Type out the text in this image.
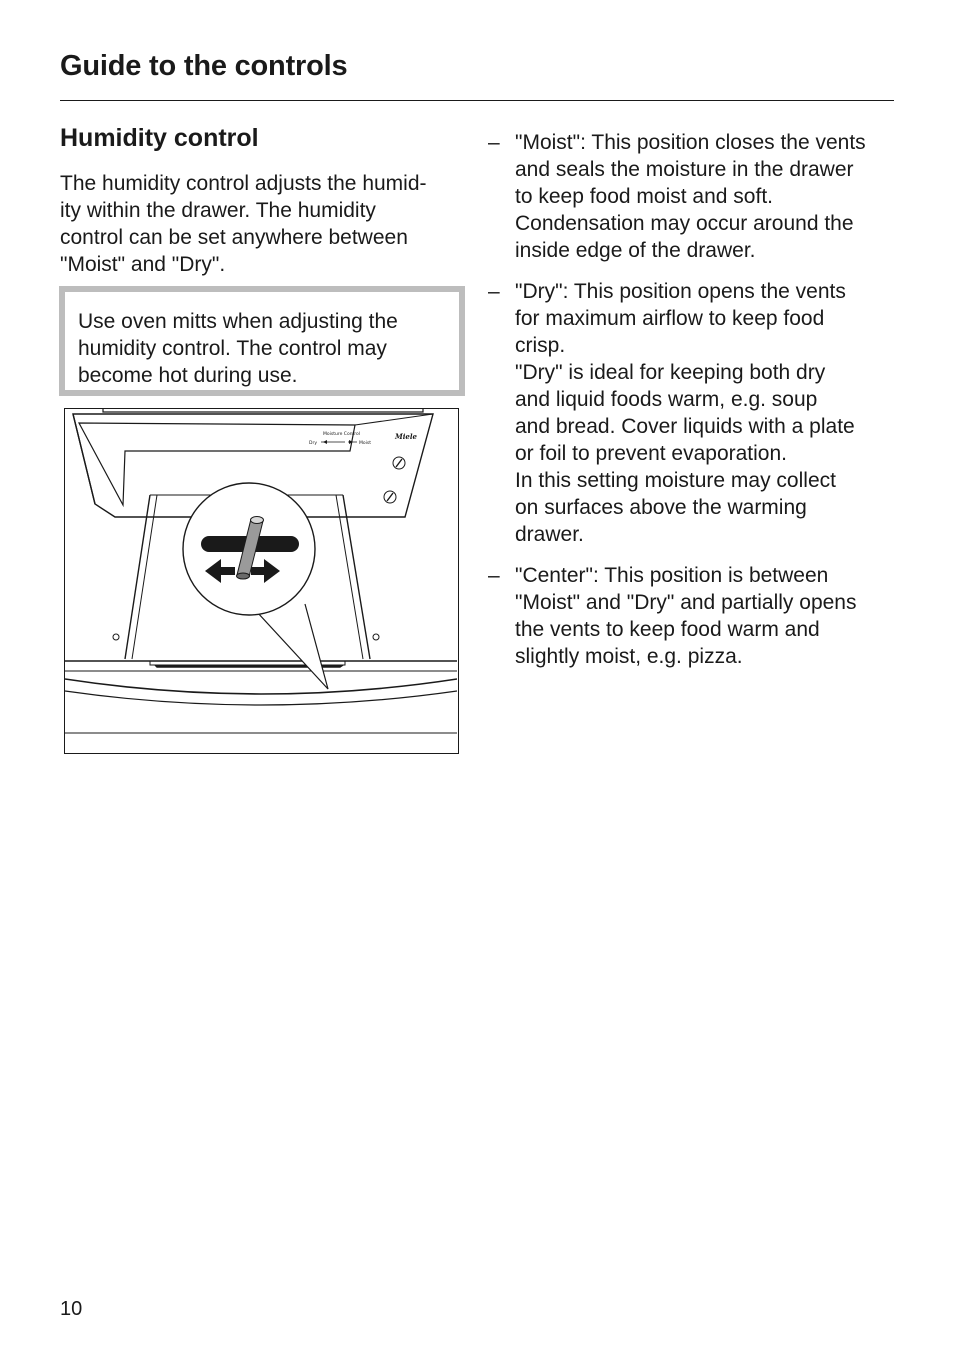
Guide to the controls
Humidity control
The humidity control adjusts the humid-
ity within the drawer. The humidity
control can be set anywhere between
"Moist" and "Dry".
Use oven mitts when adjusting the
humidity control. The control may
become hot during use.
Moisture Control
Dry	Moist
Miele
– "Moist": This position closes the vents
and seals the moisture in the drawer
to keep food moist and soft.
Condensation may occur around the
inside edge of the drawer.
– "Dry": This position opens the vents
for maximum airflow to keep food
crisp.
"Dry" is ideal for keeping both dry
and liquid foods warm, e.g. soup
and bread. Cover liquids with a plate
or foil to prevent evaporation.
In this setting moisture may collect
on surfaces above the warming
drawer.
– "Center": This position is between
"Moist" and "Dry" and partially opens
the vents to keep food warm and
slightly moist, e.g. pizza.
10
